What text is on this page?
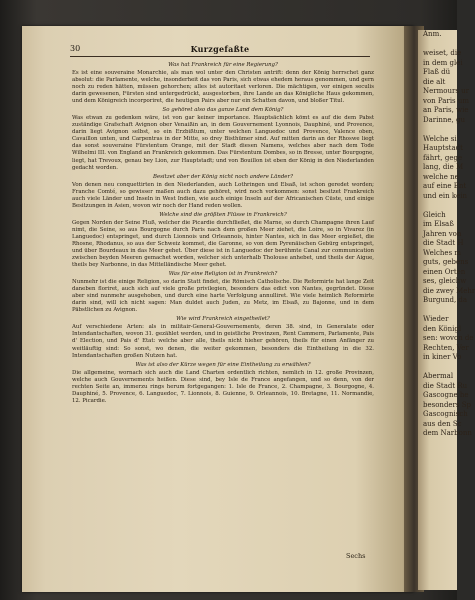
Anm.

weiset, die
in dem glei
Flaß dü
die alt
Nermours ur
von Paris um
an Paris, wie
Darinne, gu

Welche si
Hauptstadt
fährt, gege
lang, die M
welche ne
auf eine Ent
und ein kein

Gleich
im Elsaß
Jahren von
die Stadt H
Welches m
guts, gebens
einen Orten
ses, gleichw
die zwey Mehr
Burgund, da

Wieder
den Königl
sen: wovon de
Rechten, Ver
in kiner Vo

Abermal
die Stadt Ru
Gascogne he
besonders Sp
Gascognisch
aus den Sc
dem Narbonn
30	Kurzgefaßte
Was hat Frankreich für eine Regierung?
Es ist eine souveraine Monarchie, als man wol unter den Christen antrift: denn der König herrschet ganz absolut: die Parlamente, welche, insonderheit das von Paris, sich etwas ehedem heraus genommen, und gern noch zu reden hätten, müssen gehorchen; alles ist autoritaet verloren. Die mächtigen, vor einigen seculis darin gewesenen, Fürsten sind untergedrückt, ausgestorben, ihre Lande an das Königliche Haus gekommen, und dem Königreich incorporiret, die heutigen Pairs aber nur ein Schatten davon, und bloßer Titul.
So gehöret also das ganze Land dem König?
Was etwan zu gedenken wäre, ist von gar keiner importance. Hauptsächlich kömt es auf die dem Pabst zuständige Grafschaft Avignon ober Venaißin an, in dem Gouvernement Lyonnois, Dauphiné, und Provence, darin liegt Avignon selbst, so ein Erzbißtum, unter welchen Languedoc und Provence, Valence oben, Cavaillon unten, und Carpentras in der Mitte, so drey Bisthümer sind. Auf mitten darin an der Rhoswe liegt das sonst souveraine Fürstentum Orange, mit der Stadt diesen Namens, welches aber nach dem Tode Wilhelmi III. von England an Frankreich gekommen. Das Fürstentum Dombes, so in Bresse, unter Bourgogne, liegt, hat Trevoux, genau bey Lion, zur Hauptstadt; und von Bouillon ist eben der König in den Niederlanden gedacht worden.
Besitzet aber der König nicht noch andere Länder?
Von denen neu conquettirten in den Niederlanden, auch Lothringen und Elsaß, ist schon geredet worden; Franche Comté, so gewisser maßen auch dazu gehöret, wird noch vorkommen: sonst besitzet Frankreich auch viele Länder und Inseln in West Indien, wie auch einige Inseln auf der Africanischen Cüste, und einige Besitzungen in Asien, wovon wir noch der Hand reden wollen.
Welche sind die größten Flüsse in Frankreich?
Gegen Norden der Seine Fluß, welcher die Picardie durchfließet, die Marne, so durch Champagne ihren Lauf nimt, die Seine, so aus Bourgogne durch Paris nach dem großen Meer ziehet, die Loire, so in Vivarez (in Languedoc) entspringet, und durch Lionnois und Orleannois, hinter Nantes, sich in das Meer ergießet, die Rhosne, Rhodanus, so aus der Schweiz kommet, die Garonne, so von dem Pyrenäischen Gebürg entspringet, und über Bourdeaux in das Meer gehet. Über diese ist in Languedoc der berühmte Canal zur communication zwischen beyden Meeren gemachet worden, welcher sich unterhalb Tholouse anhebet, und theils der Aigue, theils bey Narbonne, in das Mittelländische Meer gehet.
Was für eine Religion ist in Frankreich?
Nunmehr ist die einige Religion, so darin Statt findet, die Römisch Catholische. Die Reformirte hat lange Zeit daneben floriret, auch sich auf viele große privilegien, besonders das edict von Nantes, gegründet. Diese aber sind nunmehr ausgehoben, und durch eine harte Verfolgung annulliret. Wie viele heimlich Reformirte darin sind, will ich nicht sagen: Man duldet auch Juden, zu Metz, im Elsaß, zu Bajonne, und in dem Päbstlichen zu Avignon.
Wie wird Frankreich eingetheilet?
Auf verschiedene Arten: als in militair-General-Gouvernements, deren 38. sind, in Generalate oder Intendantschaften, wovon 31. gezählet werden, und in geistliche Provinzen, Rent Cammern, Parlamente, Pais d' Election, und Pais d' Etat: welche aber alle, theils nicht hieher gehören, theils für einen Anfänger zu weitläuftig sind: So sonst, wo denen, die weiter gekommen, besonders die Eintheilung in die 32. Intendantschaften großen Nutzen hat.
Was ist also der Kürze wegen für eine Eintheilung zu erwählen?
Die allgemeine, wornach sich auch die Land Charten ordentlich richten, nemlich in 12. große Provinzen, welche auch Gouvernements heißen. Diese sind, bey Isle de France angefangen, und so denn, von der rechten Seite an, immerzu rings herum fortgegangen: 1. Isle de France, 2. Champagne, 3. Bourgogne, 4. Dauphiné, 5. Provence, 6. Languedoc, 7. Lionnois, 8. Guienne, 9. Orleannois, 10. Bretagne, 11. Normandie, 12. Picardie.
Sechs
